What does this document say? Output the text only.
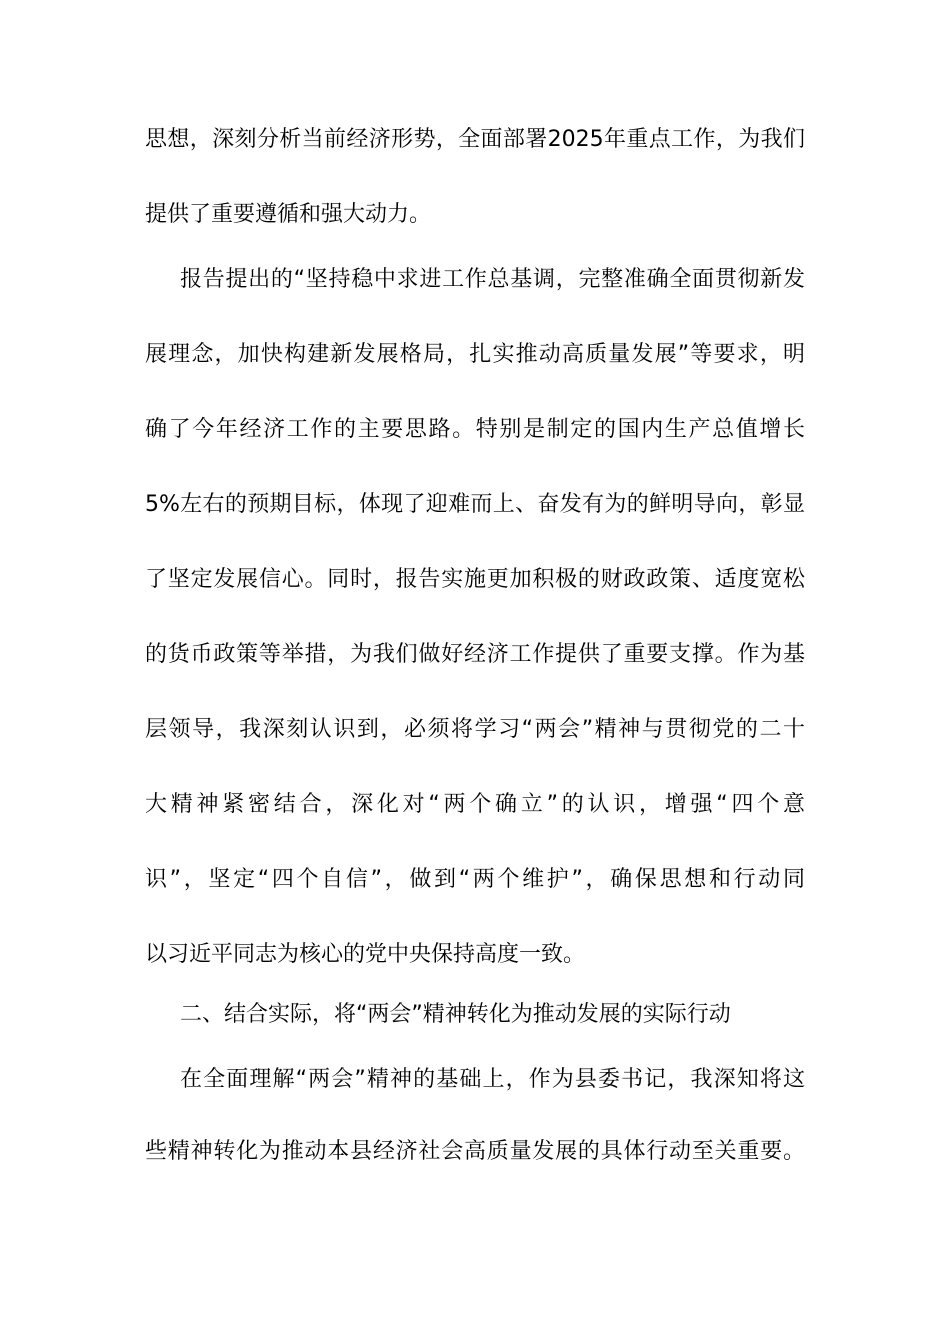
思想，深刻分析当前经济形势，全面部署2025年重点工作，为我们
提供了重要遵循和强大动力。
报告提出的“坚持稳中求进工作总基调，完整准确全面贯彻新发
展理念，加快构建新发展格局，扎实推动高质量发展”等要求，明
确了今年经济工作的主要思路。特别是制定的国内生产总值增长
5%左右的预期目标，体现了迎难而上、奋发有为的鲜明导向，彰显
了坚定发展信心。同时，报告实施更加积极的财政政策、适度宽松
的货币政策等举措，为我们做好经济工作提供了重要支撑。作为基
层领导，我深刻认识到，必须将学习“两会”精神与贯彻党的二十
大精神紧密结合，深化对“两个确立”的认识，增强“四个意
识”，坚定“四个自信”，做到“两个维护”，确保思想和行动同
以习近平同志为核心的党中央保持高度一致。
二、结合实际，将“两会”精神转化为推动发展的实际行动
在全面理解“两会”精神的基础上，作为县委书记，我深知将这
些精神转化为推动本县经济社会高质量发展的具体行动至关重要。
